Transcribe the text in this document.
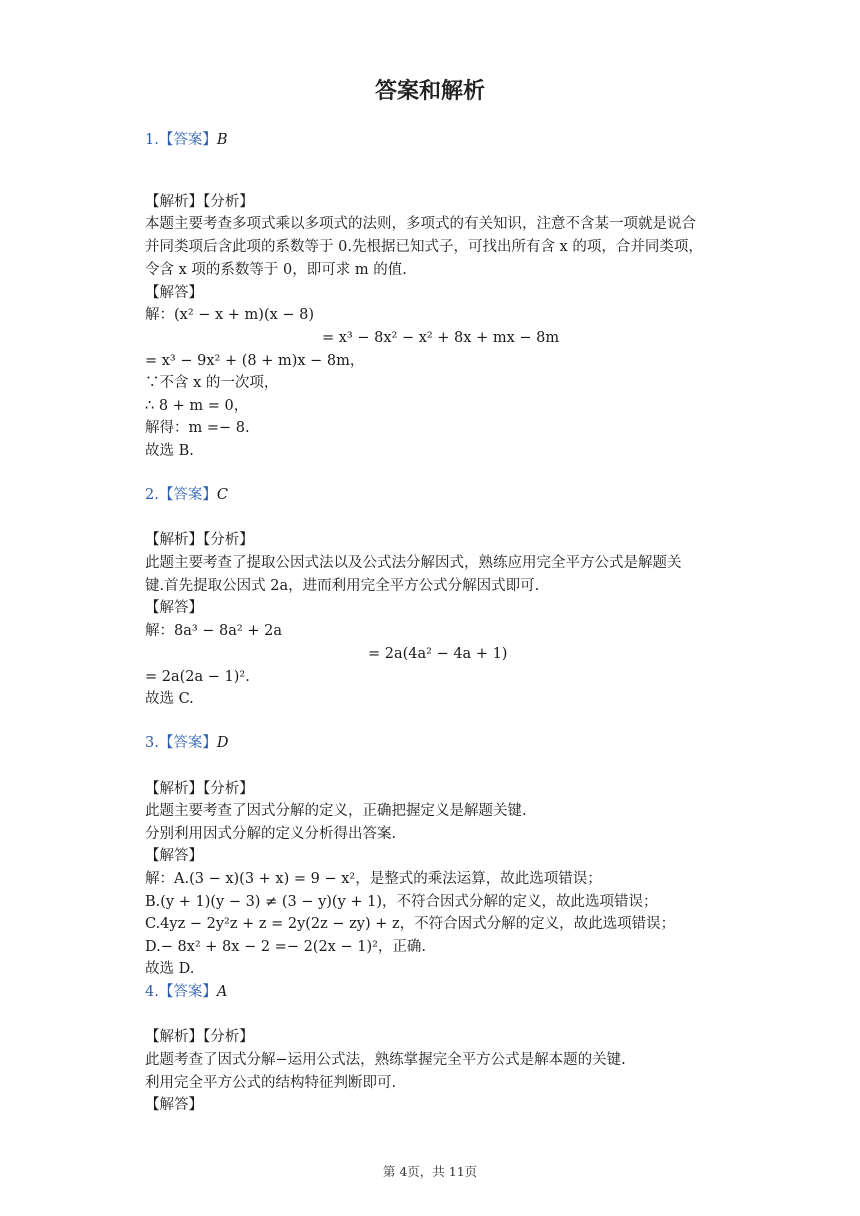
答案和解析
1.【答案】B
【解析】【分析】
本题主要考查多项式乘以多项式的法则，多项式的有关知识，注意不含某一项就是说合
并同类项后含此项的系数等于 0.先根据已知式子，可找出所有含 x 的项，合并同类项，
令含 x 项的系数等于 0，即可求 m 的值.
【解答】
解：(x² − x + m)(x − 8)
= x³ − 8x² − x² + 8x + mx − 8m
= x³ − 9x² + (8 + m)x − 8m，
∵不含 x 的一次项，
∴ 8 + m = 0，
解得：m =− 8.
故选 B.
2.【答案】C
【解析】【分析】
此题主要考查了提取公因式法以及公式法分解因式，熟练应用完全平方公式是解题关
键.首先提取公因式 2a，进而利用完全平方公式分解因式即可.
【解答】
解：8a³ − 8a² + 2a
= 2a(4a² − 4a + 1)
= 2a(2a − 1)².
故选 C.
3.【答案】D
【解析】【分析】
此题主要考查了因式分解的定义，正确把握定义是解题关键.
分别利用因式分解的定义分析得出答案.
【解答】
解：A.(3 − x)(3 + x) = 9 − x²，是整式的乘法运算，故此选项错误；
B.(y + 1)(y − 3) ≠ (3 − y)(y + 1)，不符合因式分解的定义，故此选项错误；
C.4yz − 2y²z + z = 2y(2z − zy) + z，不符合因式分解的定义，故此选项错误；
D.− 8x² + 8x − 2 =− 2(2x − 1)²，正确.
故选 D.
4.【答案】A
【解析】【分析】
此题考查了因式分解−运用公式法，熟练掌握完全平方公式是解本题的关键.
利用完全平方公式的结构特征判断即可.
【解答】
第 4页，共 11页
